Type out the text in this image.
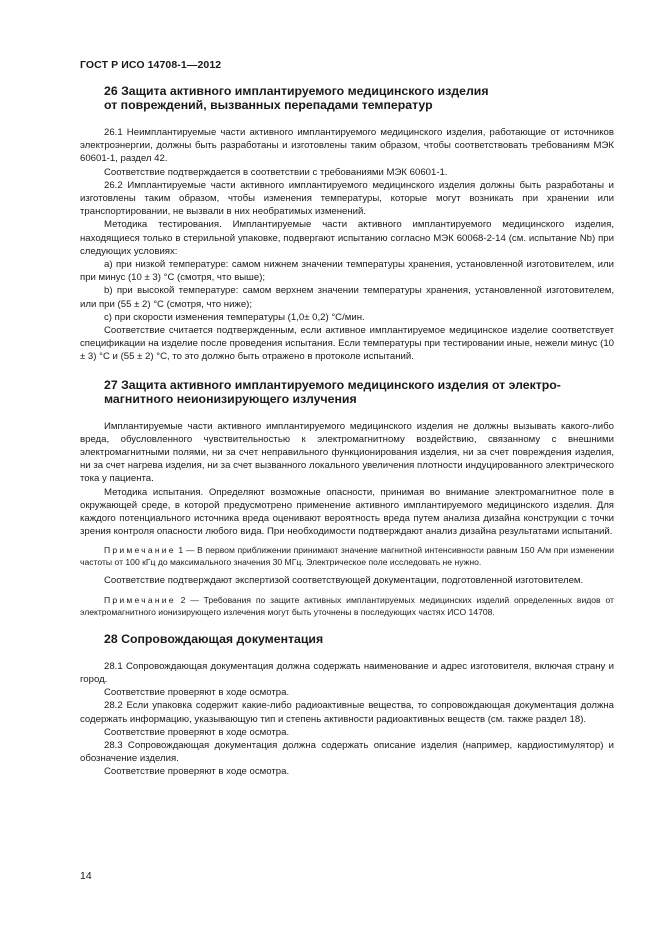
ГОСТ Р ИСО 14708-1—2012
26 Защита активного имплантируемого медицинского изделия
от повреждений, вызванных перепадами температур

26.1 Неимплантируемые части активного имплантируемого медицинского изделия, работающие от источников электроэнергии, должны быть разработаны и изготовлены таким образом, чтобы соответствовать требованиям МЭК 60601-1, раздел 42.

Соответствие подтверждается в соответствии с требованиями МЭК 60601-1.

26.2 Имплантируемые части активного имплантируемого медицинского изделия должны быть разработаны и изготовлены таким образом, чтобы изменения температуры, которые могут возникать при хранении или транспортировании, не вызвали в них необратимых изменений.

Методика тестирования. Имплантируемые части активного имплантируемого медицинского изделия, находящиеся только в стерильной упаковке, подвергают испытанию согласно МЭК 60068-2-14 (см. испытание Nb) при следующих условиях:

а) при низкой температуре: самом нижнем значении температуры хранения, установленной изготовителем, или при минус (10 ± 3) °С (смотря, что выше);

b) при высокой температуре: самом верхнем значении температуры хранения, установленной изготовителем, или при (55 ± 2) °С (смотря, что ниже);

с) при скорости изменения температуры (1,0± 0,2) °С/мин.

Соответствие считается подтвержденным, если активное имплантируемое медицинское изделие соответствует спецификации на изделие после проведения испытания. Если температуры при тестировании иные, нежели минус (10 ± 3) °С и (55 ± 2) °С, то это должно быть отражено в протоколе испытаний.

27 Защита активного имплантируемого медицинского изделия от электро-
магнитного неионизирующего излучения

Имплантируемые части активного имплантируемого медицинского изделия не должны вызывать какого-либо вреда, обусловленного чувствительностью к электромагнитному воздействию, связанному с внешними электромагнитными полями, ни за счет неправильного функционирования изделия, ни за счет повреждения изделия, ни за счет нагрева изделия, ни за счет вызванного локального увеличения плотности индуцированного электрического тока у пациента.

Методика испытания. Определяют возможные опасности, принимая во внимание электромагнитное поле в окружающей среде, в которой предусмотрено применение активного имплантируемого медицинского изделия. Для каждого потенциального источника вреда оценивают вероятность вреда путем анализа дизайна конструкции с точки зрения контроля опасности любого вида. При необходимости подтверждают анализ дизайна результатами испытаний.

Примечание 1 — В первом приближении принимают значение магнитной интенсивности равным 150 А/м при изменении частоты от 100 кГц до максимального значения 30 МГц. Электрическое поле исследовать не нужно.

Соответствие подтверждают экспертизой соответствующей документации, подготовленной изготовителем.

Примечание 2 — Требования по защите активных имплантируемых медицинских изделий определенных видов от электромагнитного ионизирующего излечения могут быть уточнены в последующих частях ИСО 14708.

28 Сопровождающая документация

28.1 Сопровождающая документация должна содержать наименование и адрес изготовителя, включая страну и город.

Соответствие проверяют в ходе осмотра.

28.2 Если упаковка содержит какие-либо радиоактивные вещества, то сопровождающая документация должна содержать информацию, указывающую тип и степень активности радиоактивных веществ (см. также раздел 18).

Соответствие проверяют в ходе осмотра.

28.3 Сопровождающая документация должна содержать описание изделия (например, кардиостимулятор) и обозначение изделия.

Соответствие проверяют в ходе осмотра.

14
